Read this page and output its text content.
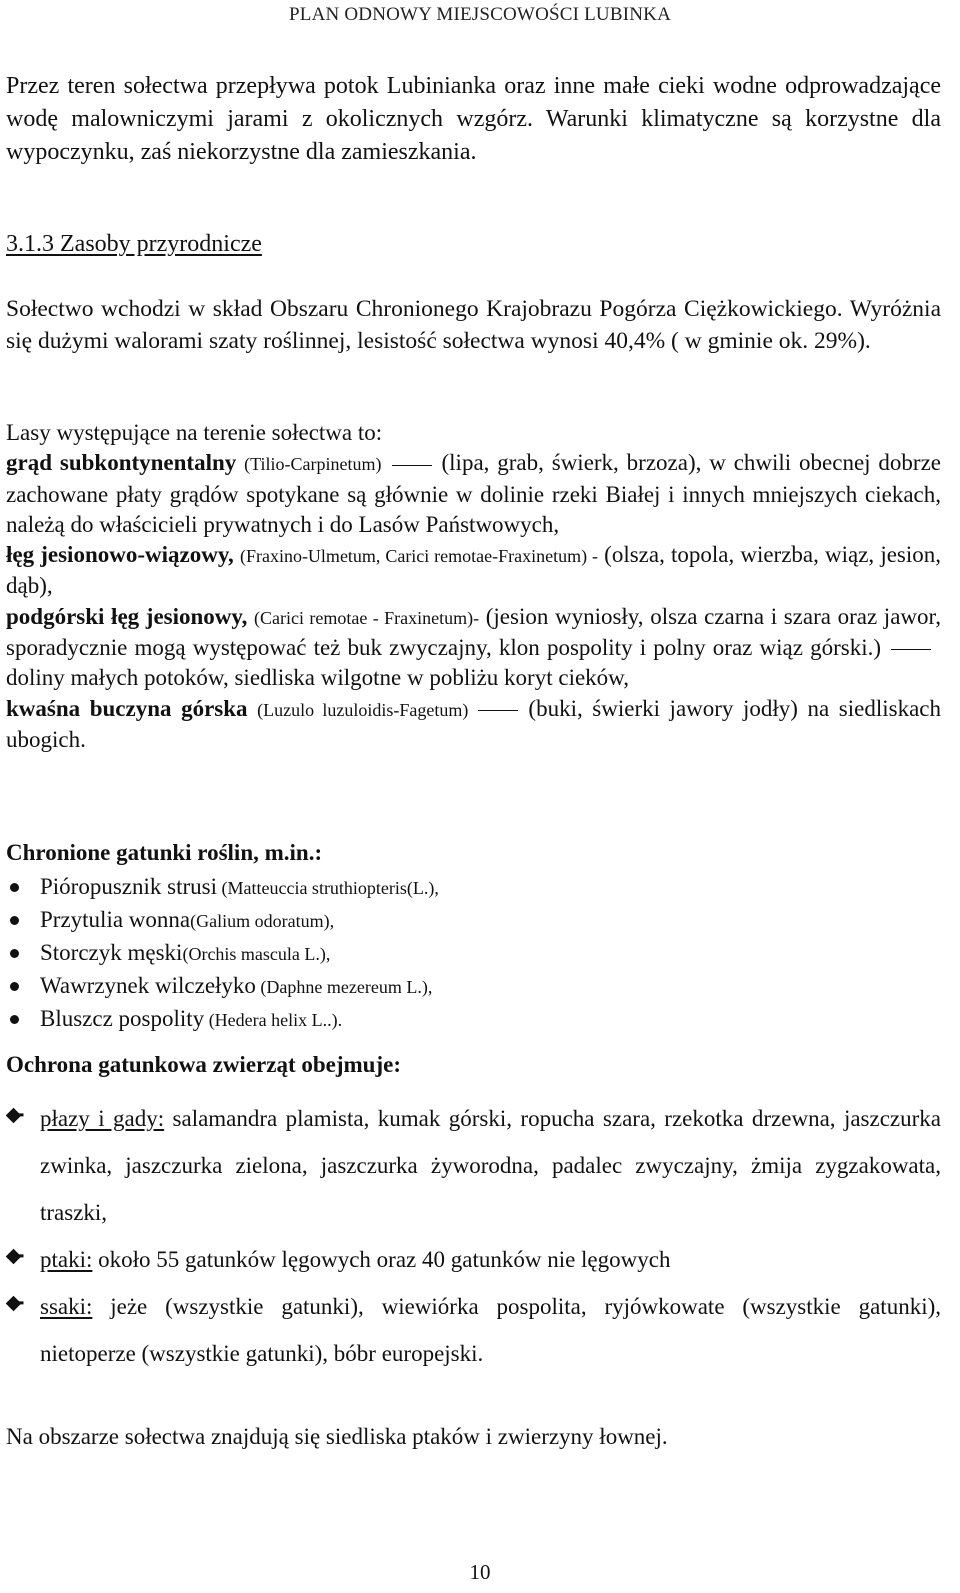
PLAN ODNOWY MIEJSCOWOŚCI LUBINKA
Przez teren sołectwa przepływa potok Lubinianka oraz inne małe cieki wodne odprowadzające wodę malowniczymi jarami z okolicznych wzgórz. Warunki klimatyczne są korzystne dla wypoczynku, zaś niekorzystne dla zamieszkania.
3.1.3 Zasoby przyrodnicze
Sołectwo wchodzi w skład Obszaru Chronionego Krajobrazu Pogórza Ciężkowickiego. Wyróżnia się dużymi walorami szaty roślinnej, lesistość sołectwa wynosi 40,4% ( w gminie ok. 29%).
Lasy występujące na terenie sołectwa to:
grąd subkontynentalny (Tilio-Carpinetum)	(lipa, grab, świerk, brzoza), w chwili obecnej dobrze zachowane płaty grądów spotykane są głównie w dolinie rzeki Białej i innych mniejszych ciekach, należą do właścicieli prywatnych i do Lasów Państwowych,
łęg jesionowo-wiązowy, (Fraxino-Ulmetum, Carici remotae-Fraxinetum) - (olsza, topola, wierzba, wiąz, jesion, dąb),
podgórski łęg jesionowy, (Carici remotae - Fraxinetum)- (jesion wyniosły, olsza czarna i szara oraz jawor, sporadycznie mogą występować też buk zwyczajny, klon pospolity i polny oraz wiąz górski.)doliny małych potoków, siedliska wilgotne w pobliżu koryt cieków,
kwaśna buczyna górska (Luzulo luzuloidis-Fagetum)	(buki, świerki jawory jodły) na siedliskach ubogich.
Chronione gatunki roślin, m.in.:
Pióropusznik strusi (Matteuccia struthiopteris(L.),
Przytulia wonna(Galium odoratum),
Storczyk męski(Orchis mascula L.),
Wawrzynek wilczełyko (Daphne mezereum L.),
Bluszcz pospolity (Hedera helix L..).
Ochrona gatunkowa zwierząt obejmuje:
płazy i gady: salamandra plamista, kumak górski, ropucha szara, rzekotka drzewna, jaszczurka zwinka, jaszczurka zielona, jaszczurka żyworodna, padalec zwyczajny, żmija zygzakowata, traszki,
ptaki: około 55 gatunków lęgowych oraz 40 gatunków nie lęgowych
ssaki: jeże (wszystkie gatunki), wiewiórka pospolita, ryjówkowate (wszystkie gatunki), nietoperze (wszystkie gatunki), bóbr europejski.
Na obszarze sołectwa znajdują się siedliska ptaków i zwierzyny łownej.
10
